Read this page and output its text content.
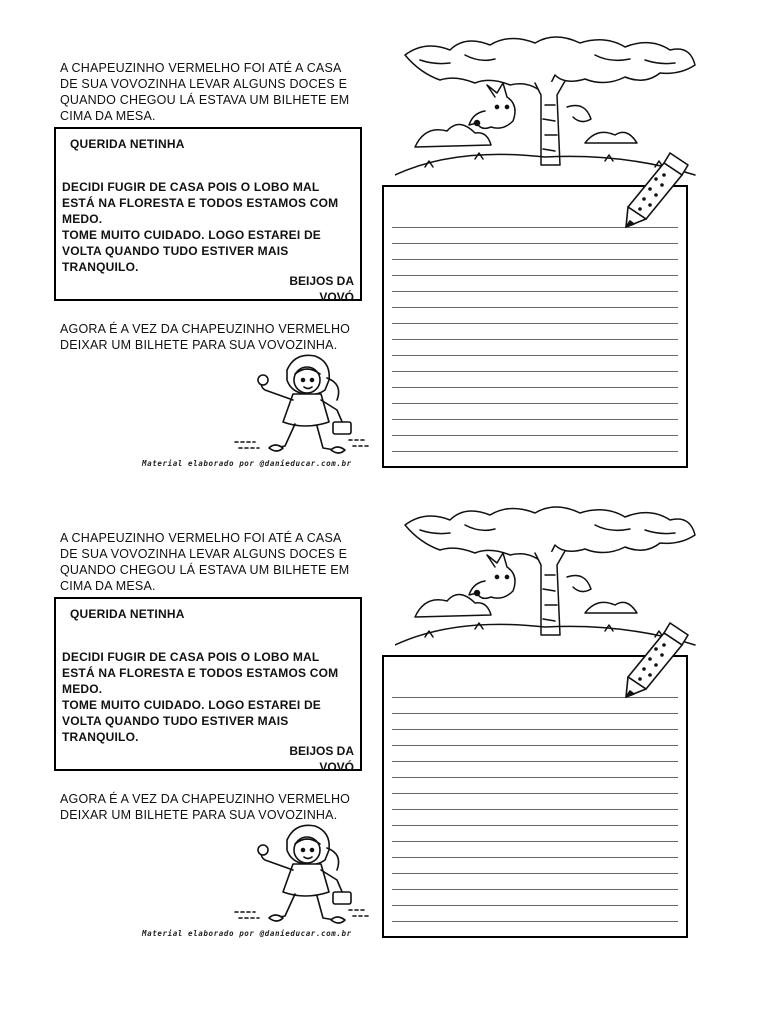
A CHAPEUZINHO VERMELHO FOI ATÉ A CASA

DE SUA VOVOZINHA LEVAR ALGUNS DOCES E

QUANDO CHEGOU LÁ ESTAVA UM BILHETE EM

CIMA DA MESA.

QUERIDA NETINHA

DECIDI FUGIR DE CASA POIS O LOBO MAL

ESTÁ NA FLORESTA E TODOS ESTAMOS COM

MEDO.

TOME MUITO CUIDADO. LOGO ESTAREI DE

VOLTA QUANDO TUDO ESTIVER MAIS

TRANQUILO.

BEIJOS DA
VOVÓ

AGORA É A VEZ DA CHAPEUZINHO VERMELHO

DEIXAR UM BILHETE PARA SUA VOVOZINHA.

Material elaborado por @danieducar.com.br

A CHAPEUZINHO VERMELHO FOI ATÉ A CASA

DE SUA VOVOZINHA LEVAR ALGUNS DOCES E

QUANDO CHEGOU LÁ ESTAVA UM BILHETE EM

CIMA DA MESA.

QUERIDA NETINHA

DECIDI FUGIR DE CASA POIS O LOBO MAL

ESTÁ NA FLORESTA E TODOS ESTAMOS COM

MEDO.

TOME MUITO CUIDADO. LOGO ESTAREI DE

VOLTA QUANDO TUDO ESTIVER MAIS

TRANQUILO.

BEIJOS DA
VOVÓ

AGORA É A VEZ DA CHAPEUZINHO VERMELHO

DEIXAR UM BILHETE PARA SUA VOVOZINHA.

Material elaborado por @danieducar.com.br
